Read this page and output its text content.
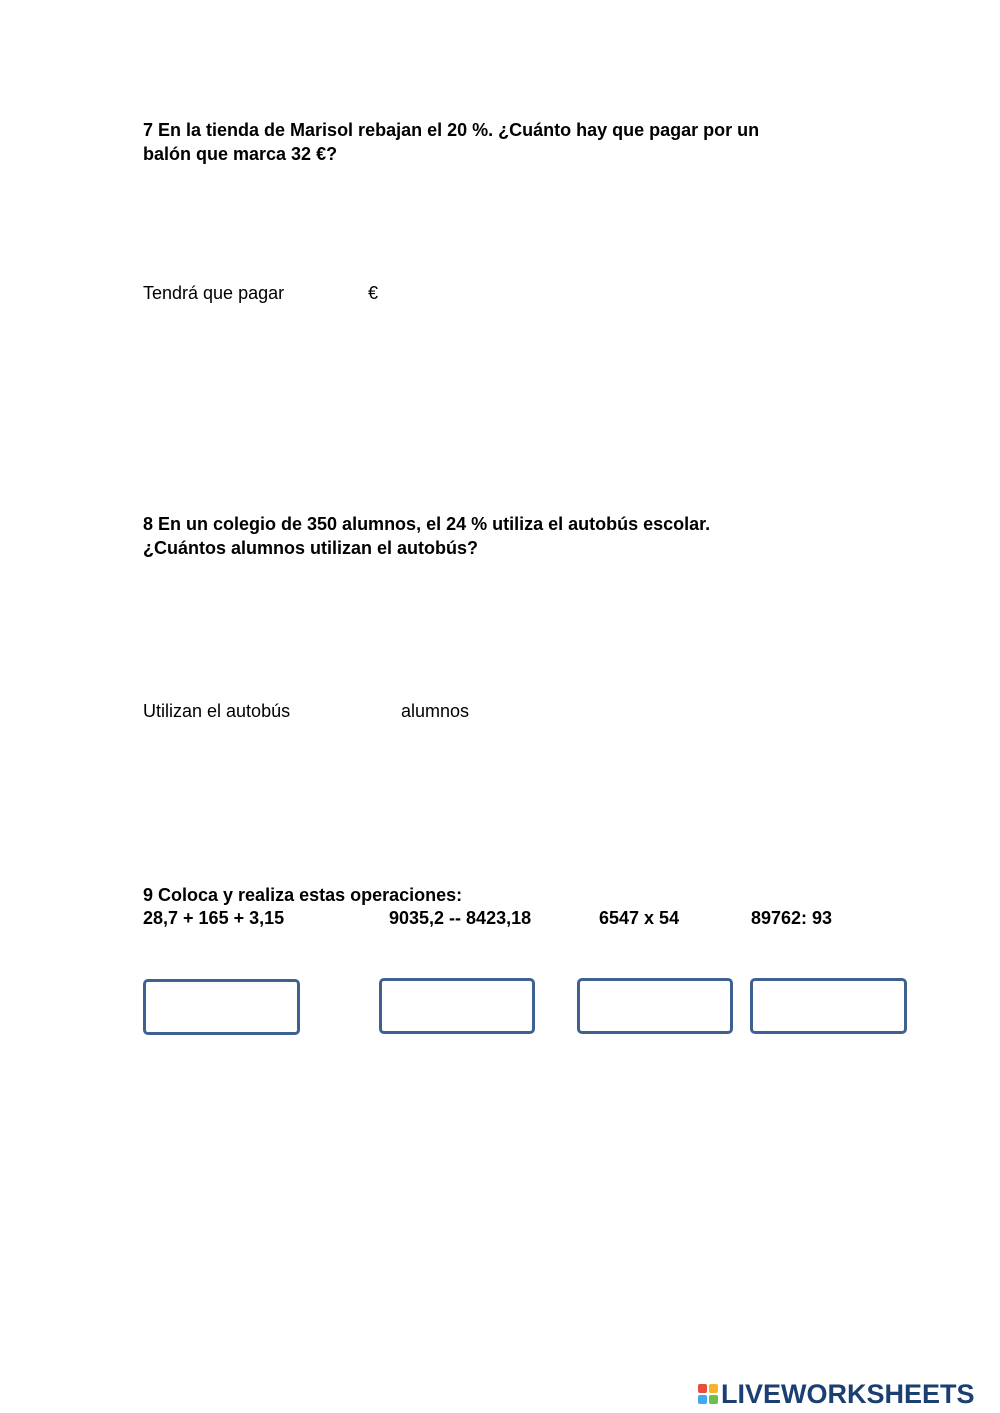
7 En la tienda de Marisol rebajan el 20 %. ¿Cuánto hay que pagar por un
balón que marca 32 €?
Tendrá que pagar	€
8 En un colegio de 350 alumnos, el 24 % utiliza el autobús escolar.
¿Cuántos alumnos utilizan el autobús?
Utilizan el autobús	alumnos
9 Coloca y realiza estas operaciones:
28,7 + 165 + 3,15	9035,2 -- 8423,18	6547 x 54	89762: 93
LIVEWORKSHEETS
